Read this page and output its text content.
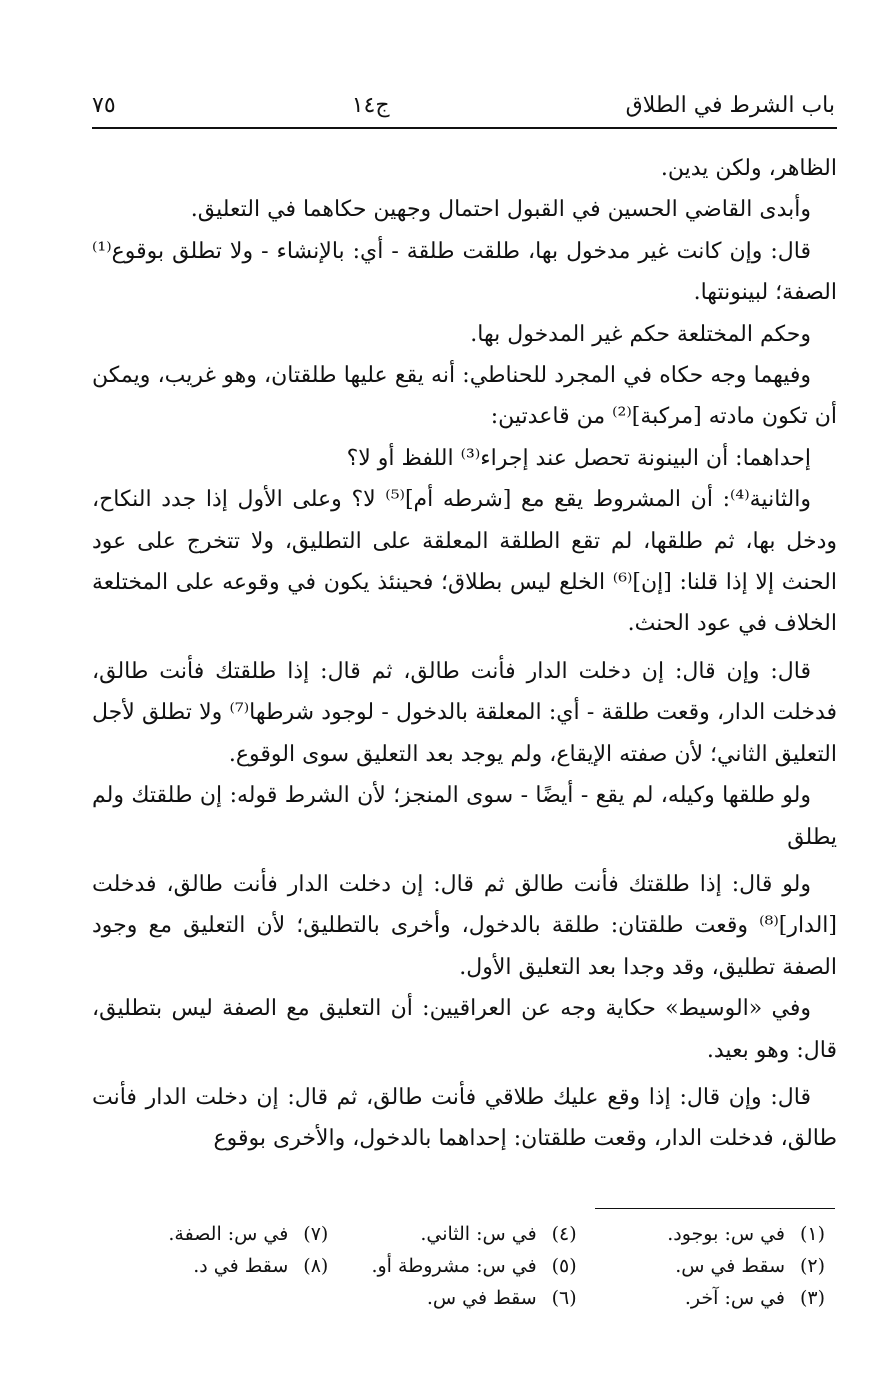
باب الشرط في الطلاق
ج١٤
٧٥

الظاهر، ولكن يدين.

وأبدى القاضي الحسين في القبول احتمال وجهين حكاهما في التعليق.

قال: وإن كانت غير مدخول بها، طلقت طلقة - أي: بالإنشاء - ولا تطلق بوقوع⁽¹⁾ الصفة؛ لبينونتها.

وحكم المختلعة حكم غير المدخول بها.

وفيهما وجه حكاه في المجرد للحناطي: أنه يقع عليها طلقتان، وهو غريب، ويمكن أن تكون مادته [مركبة]⁽²⁾ من قاعدتين:

إحداهما: أن البينونة تحصل عند إجراء⁽³⁾ اللفظ أو لا؟

والثانية⁽⁴⁾: أن المشروط يقع مع [شرطه أم]⁽⁵⁾ لا؟ وعلى الأول إذا جدد النكاح، ودخل بها، ثم طلقها، لم تقع الطلقة المعلقة على التطليق، ولا تتخرج على عود الحنث إلا إذا قلنا: [إن]⁽⁶⁾ الخلع ليس بطلاق؛ فحينئذ يكون في وقوعه على المختلعة الخلاف في عود الحنث.

قال: وإن قال: إن دخلت الدار فأنت طالق، ثم قال: إذا طلقتك فأنت طالق، فدخلت الدار، وقعت طلقة - أي: المعلقة بالدخول - لوجود شرطها⁽⁷⁾ ولا تطلق لأجل التعليق الثاني؛ لأن صفته الإيقاع، ولم يوجد بعد التعليق سوى الوقوع.

ولو طلقها وكيله، لم يقع - أيضًا - سوى المنجز؛ لأن الشرط قوله: إن طلقتك ولم يطلق

ولو قال: إذا طلقتك فأنت طالق ثم قال: إن دخلت الدار فأنت طالق، فدخلت [الدار]⁽⁸⁾ وقعت طلقتان: طلقة بالدخول، وأخرى بالتطليق؛ لأن التعليق مع وجود الصفة تطليق، وقد وجدا بعد التعليق الأول.

وفي «الوسيط» حكاية وجه عن العراقيين: أن التعليق مع الصفة ليس بتطليق، قال: وهو بعيد.

قال: وإن قال: إذا وقع عليك طلاقي فأنت طالق، ثم قال: إن دخلت الدار فأنت طالق، فدخلت الدار، وقعت طلقتان: إحداهما بالدخول، والأخرى بوقوع

(١)في س: بوجود.
(٤)في س: الثاني.
(٧)في س: الصفة.
(٢)سقط في س.
(٥)في س: مشروطة أو.
(٨)سقط في د.
(٣)في س: آخر.
(٦)سقط في س.
